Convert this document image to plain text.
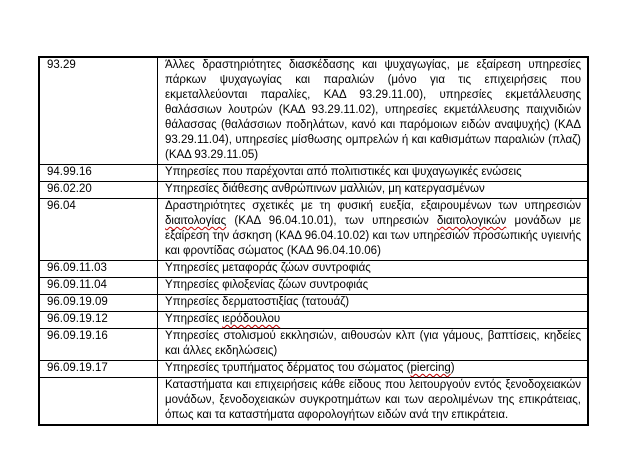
93.29	Άλλες δραστηριότητες διασκέδασης και ψυχαγωγίας, με εξαίρεση υπηρεσίες πάρκων ψυχαγωγίας και παραλιών (μόνο για τις επιχειρήσεις που εκμεταλλεύονται παραλίες, ΚΑΔ 93.29.11.00), υπηρεσίες εκμετάλλευσης θαλάσσιων λουτρών (ΚΑΔ 93.29.11.02), υπηρεσίες εκμετάλλευσης παιχνιδιών θάλασσας (θαλάσσιων ποδηλάτων, κανό και παρόμοιων ειδών αναψυχής) (ΚΑΔ 93.29.11.04), υπηρεσίες μίσθωσης ομπρελών ή και καθισμάτων παραλιών (πλαζ) (ΚΑΔ 93.29.11.05)
94.99.16	Υπηρεσίες που παρέχονται από πολιτιστικές και ψυχαγωγικές ενώσεις
96.02.20	Υπηρεσίες διάθεσης ανθρώπινων μαλλιών, μη κατεργασμένων
96.04	Δραστηριότητες σχετικές με τη φυσική ευεξία, εξαιρουμένων των υπηρεσιών διαιτολογίας (ΚΑΔ 96.04.10.01), των υπηρεσιών διαιτολογικών μονάδων με εξαίρεση την άσκηση (ΚΑΔ 96.04.10.02) και των υπηρεσιών προσωπικής υγιεινής και φροντίδας σώματος (ΚΑΔ 96.04.10.06)
96.09.11.03	Υπηρεσίες μεταφοράς ζώων συντροφιάς
96.09.11.04	Υπηρεσίες φιλοξενίας ζώων συντροφιάς
96.09.19.09	Υπηρεσίες δερματοστιξίας (τατουάζ)
96.09.19.12	Υπηρεσίες ιερόδουλου
96.09.19.16	Υπηρεσίες στολισμού εκκλησιών, αιθουσών κλπ (για γάμους, βαπτίσεις, κηδείες και άλλες εκδηλώσεις)
96.09.19.17	Υπηρεσίες τρυπήματος δέρματος του σώματος (piercing)
	Καταστήματα και επιχειρήσεις κάθε είδους που λειτουργούν εντός ξενοδοχειακών μονάδων, ξενοδοχειακών συγκροτημάτων και των αερολιμένων της επικράτειας, όπως και τα καταστήματα αφορολογήτων ειδών ανά την επικράτεια.
